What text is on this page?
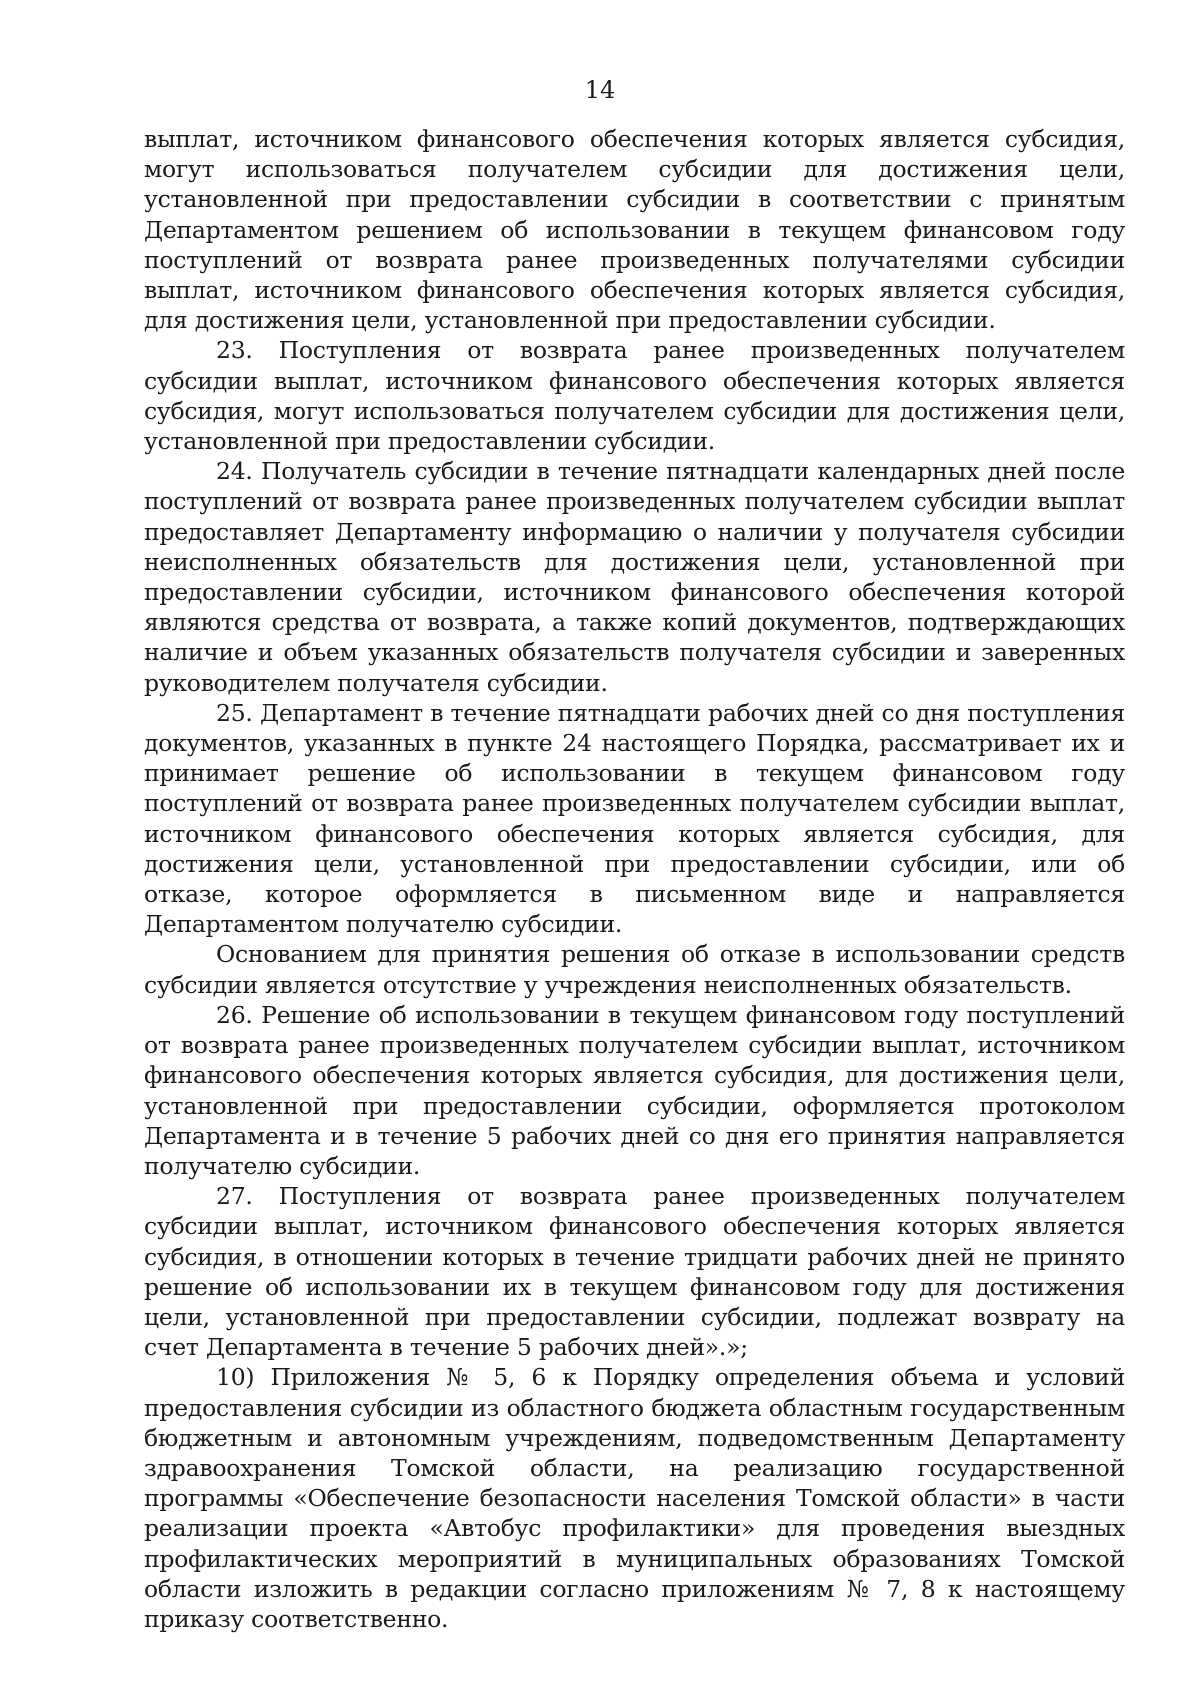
14

выплат, источником финансового обеспечения которых является субсидия, могут использоваться получателем субсидии для достижения цели, установленной при предоставлении субсидии в соответствии с принятым Департаментом решением об использовании в текущем финансовом году поступлений от возврата ранее произведенных получателями субсидии выплат, источником финансового обеспечения которых является субсидия, для достижения цели, установленной при предоставлении субсидии.

23. Поступления от возврата ранее произведенных получателем субсидии выплат, источником финансового обеспечения которых является субсидия, могут использоваться получателем субсидии для достижения цели, установленной при предоставлении субсидии.

24. Получатель субсидии в течение пятнадцати календарных дней после поступлений от возврата ранее произведенных получателем субсидии выплат предоставляет Департаменту информацию о наличии у получателя субсидии неисполненных обязательств для достижения цели, установленной при предоставлении субсидии, источником финансового обеспечения которой являются средства от возврата, а также копий документов, подтверждающих наличие и объем указанных обязательств получателя субсидии и заверенных руководителем получателя субсидии.

25. Департамент в течение пятнадцати рабочих дней со дня поступления документов, указанных в пункте 24 настоящего Порядка, рассматривает их и принимает решение об использовании в текущем финансовом году поступлений от возврата ранее произведенных получателем субсидии выплат, источником финансового обеспечения которых является субсидия, для достижения цели, установленной при предоставлении субсидии, или об отказе, которое оформляется в письменном виде и направляется Департаментом получателю субсидии.

Основанием для принятия решения об отказе в использовании средств субсидии является отсутствие у учреждения неисполненных обязательств.

26. Решение об использовании в текущем финансовом году поступлений от возврата ранее произведенных получателем субсидии выплат, источником финансового обеспечения которых является субсидия, для достижения цели, установленной при предоставлении субсидии, оформляется протоколом Департамента и в течение 5 рабочих дней со дня его принятия направляется получателю субсидии.

27. Поступления от возврата ранее произведенных получателем субсидии выплат, источником финансового обеспечения которых является субсидия, в отношении которых в течение тридцати рабочих дней не принято решение об использовании их в текущем финансовом году для достижения цели, установленной при предоставлении субсидии, подлежат возврату на счет Департамента в течение 5 рабочих дней».»;

10) Приложения № 5, 6 к Порядку определения объема и условий предоставления субсидии из областного бюджета областным государственным бюджетным и автономным учреждениям, подведомственным Департаменту здравоохранения Томской области, на реализацию государственной программы «Обеспечение безопасности населения Томской области» в части реализации проекта «Автобус профилактики» для проведения выездных профилактических мероприятий в муниципальных образованиях Томской области изложить в редакции согласно приложениям № 7, 8 к настоящему приказу соответственно.
